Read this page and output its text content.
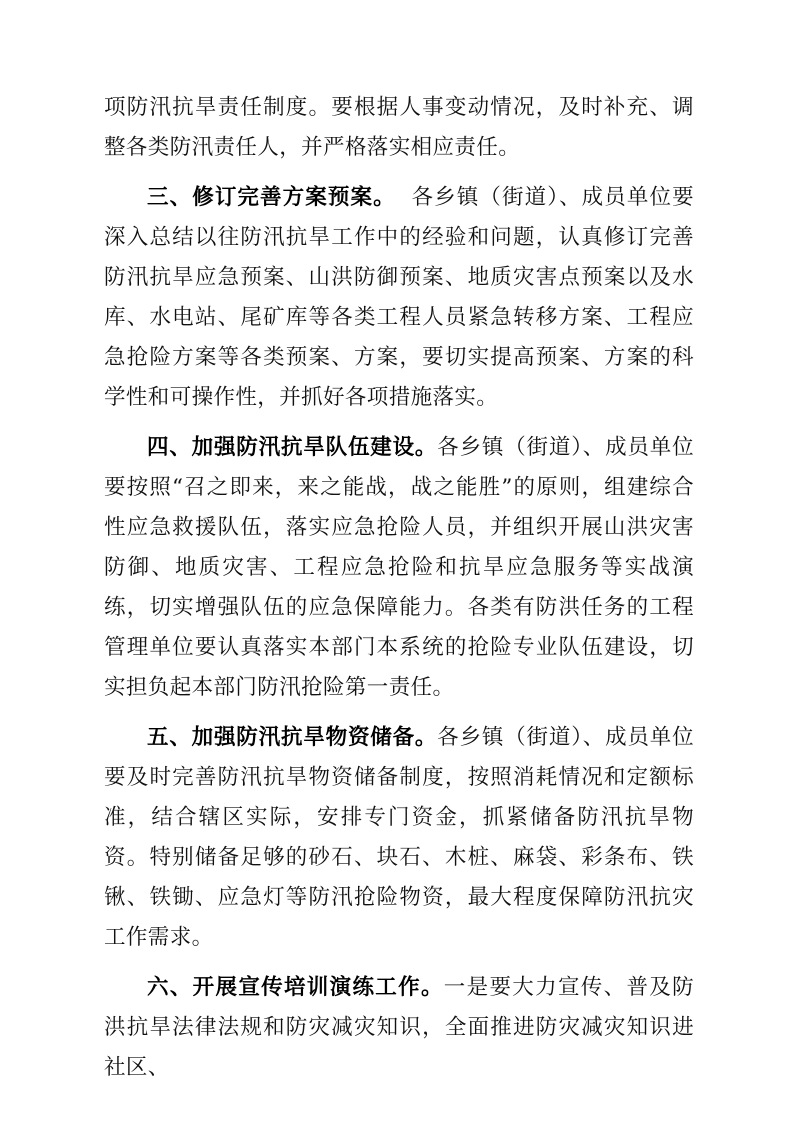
项防汛抗旱责任制度。要根据人事变动情况，及时补充、调整各类防汛责任人，并严格落实相应责任。

三、修订完善方案预案。  各乡镇（街道）、成员单位要深入总结以往防汛抗旱工作中的经验和问题，认真修订完善防汛抗旱应急预案、山洪防御预案、地质灾害点预案以及水库、水电站、尾矿库等各类工程人员紧急转移方案、工程应急抢险方案等各类预案、方案，要切实提高预案、方案的科学性和可操作性，并抓好各项措施落实。

四、加强防汛抗旱队伍建设。各乡镇（街道）、成员单位要按照“召之即来，来之能战，战之能胜”的原则，组建综合性应急救援队伍，落实应急抢险人员，并组织开展山洪灾害防御、地质灾害、工程应急抢险和抗旱应急服务等实战演练，切实增强队伍的应急保障能力。各类有防洪任务的工程管理单位要认真落实本部门本系统的抢险专业队伍建设，切实担负起本部门防汛抢险第一责任。

五、加强防汛抗旱物资储备。各乡镇（街道）、成员单位要及时完善防汛抗旱物资储备制度，按照消耗情况和定额标准，结合辖区实际，安排专门资金，抓紧储备防汛抗旱物资。特别储备足够的砂石、块石、木桩、麻袋、彩条布、铁锹、铁锄、应急灯等防汛抢险物资，最大程度保障防汛抗灾工作需求。

六、开展宣传培训演练工作。一是要大力宣传、普及防洪抗旱法律法规和防灾减灾知识，全面推进防灾减灾知识进社区、
